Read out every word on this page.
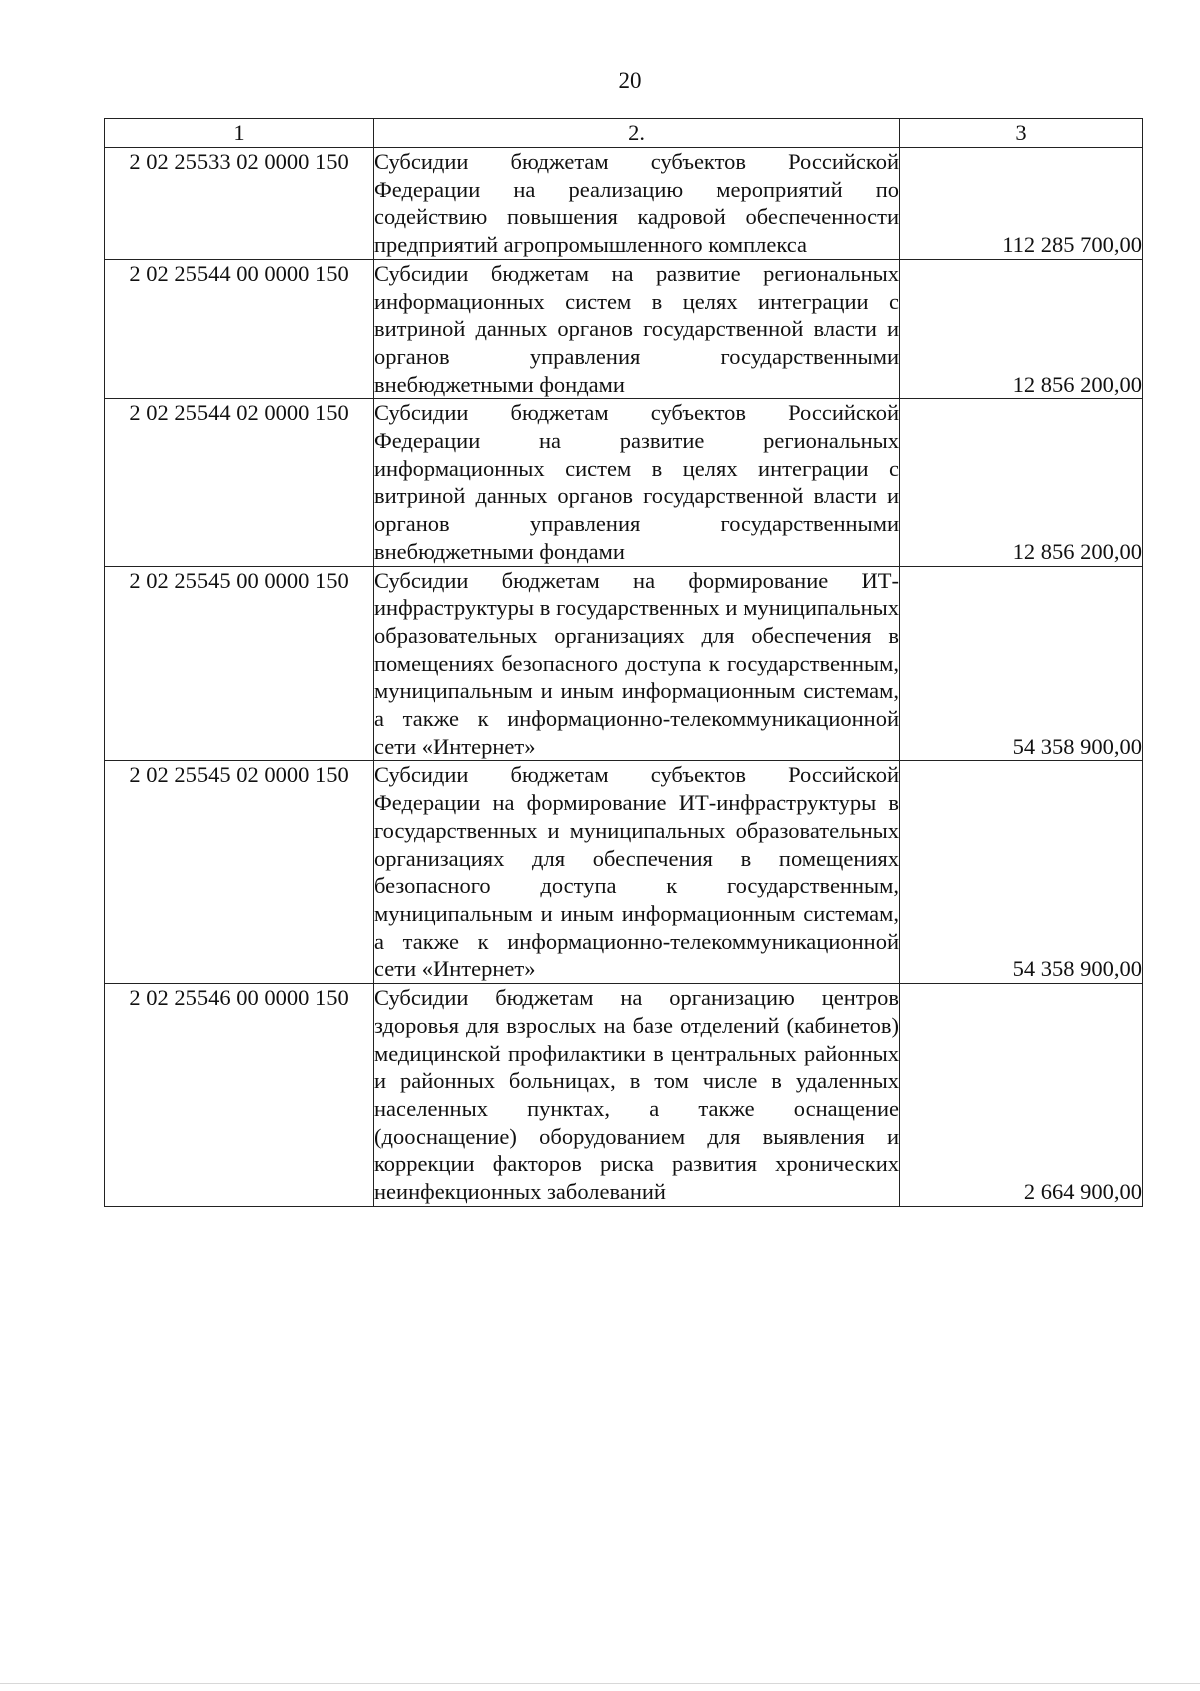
20
1	2.	3
2 02 25533 02 0000 150	Субсидии бюджетам субъектов Российской Федерации на реализацию мероприятий по содействию повышения кадровой обеспеченности предприятий агропромышленного комплекса	112 285 700,00
2 02 25544 00 0000 150	Субсидии бюджетам на развитие региональных информационных систем в целях интеграции с витриной данных органов государственной власти и органов управления государственными внебюджетными фондами	12 856 200,00
2 02 25544 02 0000 150	Субсидии бюджетам субъектов Российской Федерации на развитие региональных информационных систем в целях интеграции с витриной данных органов государственной власти и органов управления государственными внебюджетными фондами	12 856 200,00
2 02 25545 00 0000 150	Субсидии бюджетам на формирование ИТ-инфраструктуры в государственных и муниципальных образовательных организациях для обеспечения в помещениях безопасного доступа к государственным, муниципальным и иным информационным системам, а также к информационно-телекоммуникационной сети «Интернет»	54 358 900,00
2 02 25545 02 0000 150	Субсидии бюджетам субъектов Российской Федерации на формирование ИТ-инфраструктуры в государственных и муниципальных образовательных организациях для обеспечения в помещениях безопасного доступа к государственным, муниципальным и иным информационным системам, а также к информационно-телекоммуникационной сети «Интернет»	54 358 900,00
2 02 25546 00 0000 150	Субсидии бюджетам на организацию центров здоровья для взрослых на базе отделений (кабинетов) медицинской профилактики в центральных районных и районных больницах, в том числе в удаленных населенных пунктах, а также оснащение (дооснащение) оборудованием для выявления и коррекции факторов риска развития хронических неинфекционных заболеваний	2 664 900,00
